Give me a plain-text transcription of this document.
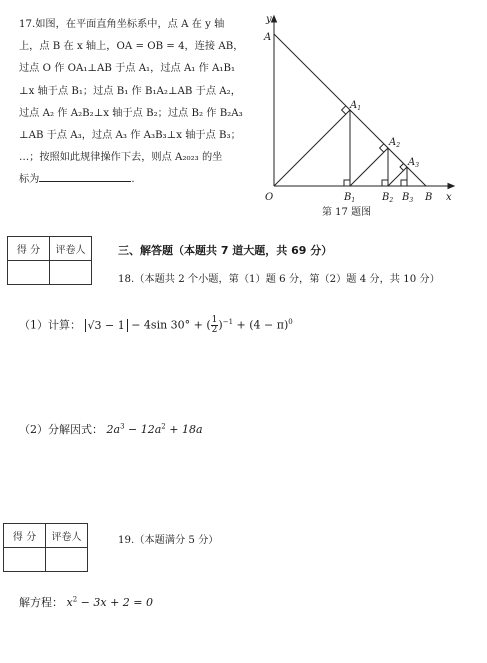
17.如图，在平面直角坐标系中，点 A 在 y 轴
上，点 B 在 x 轴上，OA = OB = 4，连接 AB，
过点 O 作 OA₁⊥AB 于点 A₁，过点 A₁ 作 A₁B₁
⊥x 轴于点 B₁；过点 B₁ 作 B₁A₂⊥AB 于点 A₂，
过点 A₂ 作 A₂B₂⊥x 轴于点 B₂；过点 B₂ 作 B₂A₃
⊥AB 于点 A₃，过点 A₃ 作 A₃B₃⊥x 轴于点 B₃；
…；按照如此规律操作下去，则点 A₂₀₂₃ 的坐
标为	.
y
x
A
O	B
$A_1$
$A_2$
$A_3$
$B_1$	$B_2$ $B_3$
第 17 题图
得 分	评卷人
		三、解答题（本题共 7 道大题，共 69 分）
18.（本题共 2 个小题，第（1）题 6 分，第（2）题 4 分，共 10 分）
（1）计算： √3 − 1 − 4sin 30° + ( $\frac{1}{2} )^{-1} + (4 - \pi)^0$
（2）分解因式： $2a^3 - 12a^2 + 18a$
得 分	评卷人
		19.（本题满分 5 分）
解方程： $x^2 - 3x + 2 = 0$
